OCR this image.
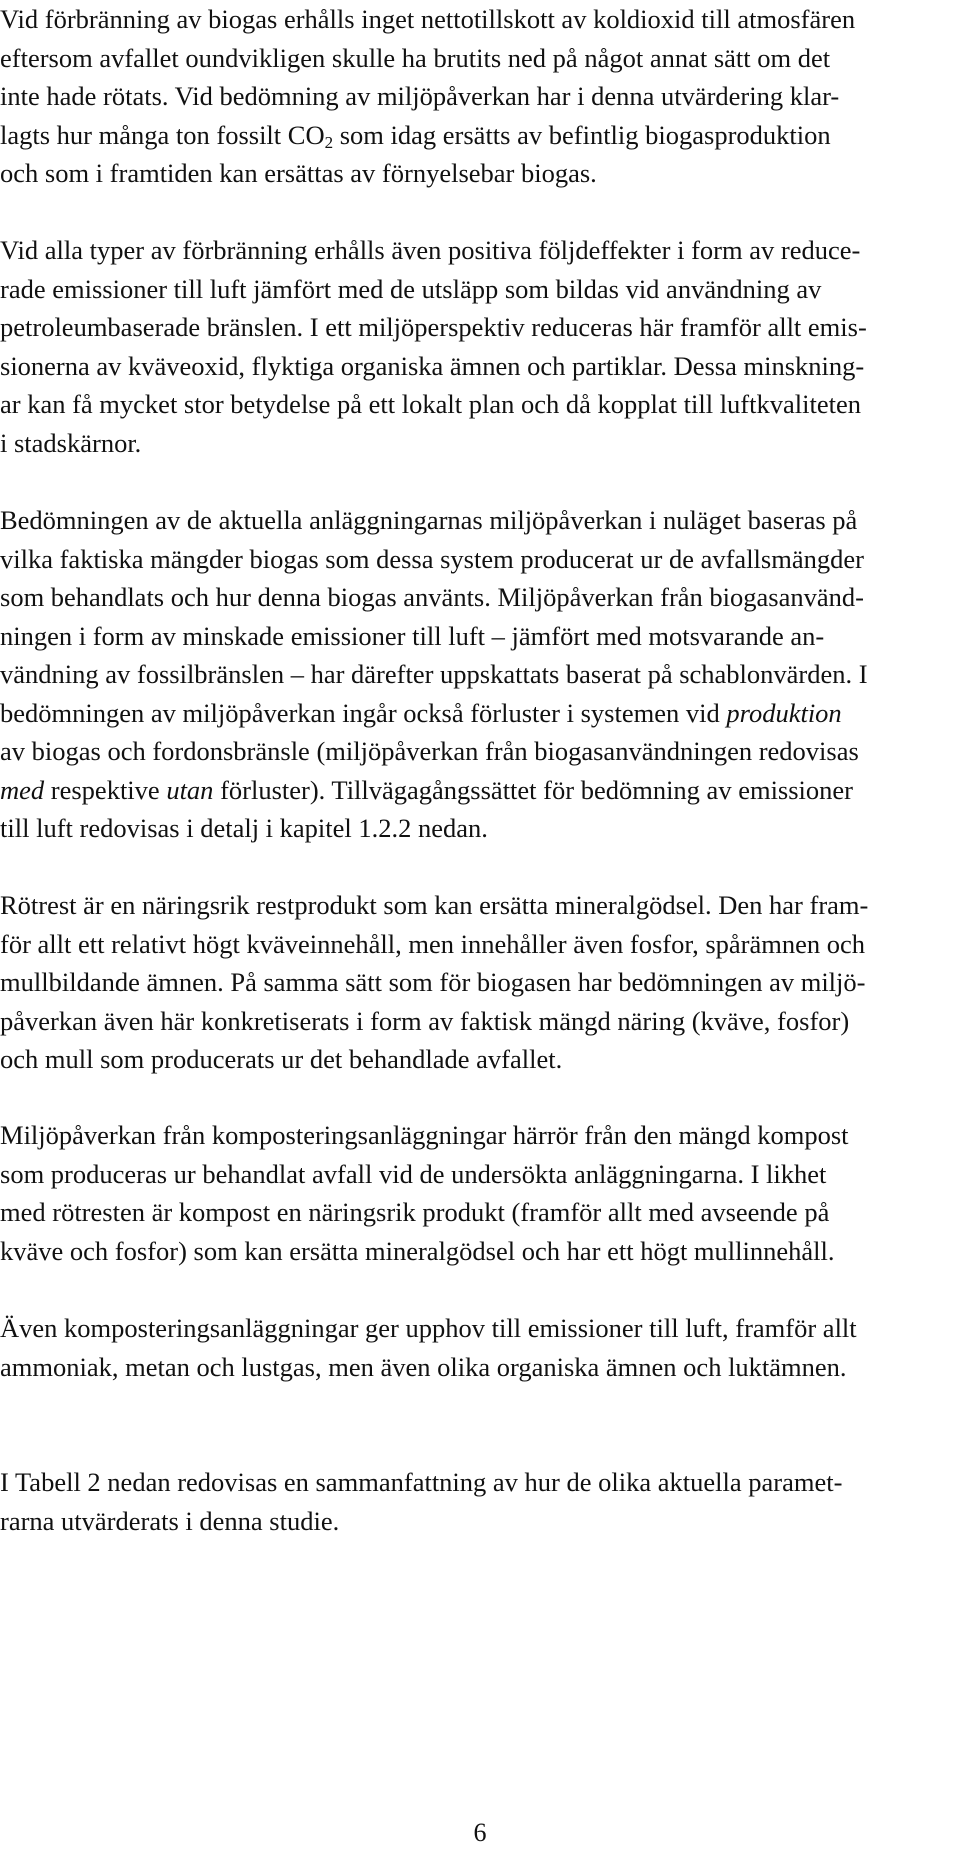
Vid förbränning av biogas erhålls inget nettotillskott av koldioxid till atmosfären
eftersom avfallet oundvikligen skulle ha brutits ned på något annat sätt om det
inte hade rötats. Vid bedömning av miljöpåverkan har i denna utvärdering klar-
lagts hur många ton fossilt $CO_2$ som idag ersätts av befintlig biogasproduktion
och som i framtiden kan ersättas av förnyelsebar biogas.

Vid alla typer av förbränning erhålls även positiva följdeffekter i form av reduce-
rade emissioner till luft jämfört med de utsläpp som bildas vid användning av
petroleumbaserade bränslen. I ett miljöperspektiv reduceras här framför allt emis-
sionerna av kväveoxid, flyktiga organiska ämnen och partiklar. Dessa minskning-
ar kan få mycket stor betydelse på ett lokalt plan och då kopplat till luftkvaliteten
i stadskärnor.

Bedömningen av de aktuella anläggningarnas miljöpåverkan i nuläget baseras på
vilka faktiska mängder biogas som dessa system producerat ur de avfallsmängder
som behandlats och hur denna biogas använts. Miljöpåverkan från biogasanvänd-
ningen i form av minskade emissioner till luft – jämfört med motsvarande an-
vändning av fossilbränslen – har därefter uppskattats baserat på schablonvärden. I
bedömningen av miljöpåverkan ingår också förluster i systemen vid produktion
av biogas och fordonsbränsle (miljöpåverkan från biogasanvändningen redovisas
med respektive utan förluster). Tillvägagångssättet för bedömning av emissioner
till luft redovisas i detalj i kapitel 1.2.2 nedan.

Rötrest är en näringsrik restprodukt som kan ersätta mineralgödsel. Den har fram-
för allt ett relativt högt kväveinnehåll, men innehåller även fosfor, spårämnen och
mullbildande ämnen. På samma sätt som för biogasen har bedömningen av miljö-
påverkan även här konkretiserats i form av faktisk mängd näring (kväve, fosfor)
och mull som producerats ur det behandlade avfallet.

Miljöpåverkan från komposteringsanläggningar härrör från den mängd kompost
som produceras ur behandlat avfall vid de undersökta anläggningarna. I likhet
med rötresten är kompost en näringsrik produkt (framför allt med avseende på
kväve och fosfor) som kan ersätta mineralgödsel och har ett högt mullinnehåll.

Även komposteringsanläggningar ger upphov till emissioner till luft, framför allt
ammoniak, metan och lustgas, men även olika organiska ämnen och luktämnen.

I Tabell 2 nedan redovisas en sammanfattning av hur de olika aktuella paramet-
rarna utvärderats i denna studie.

6
